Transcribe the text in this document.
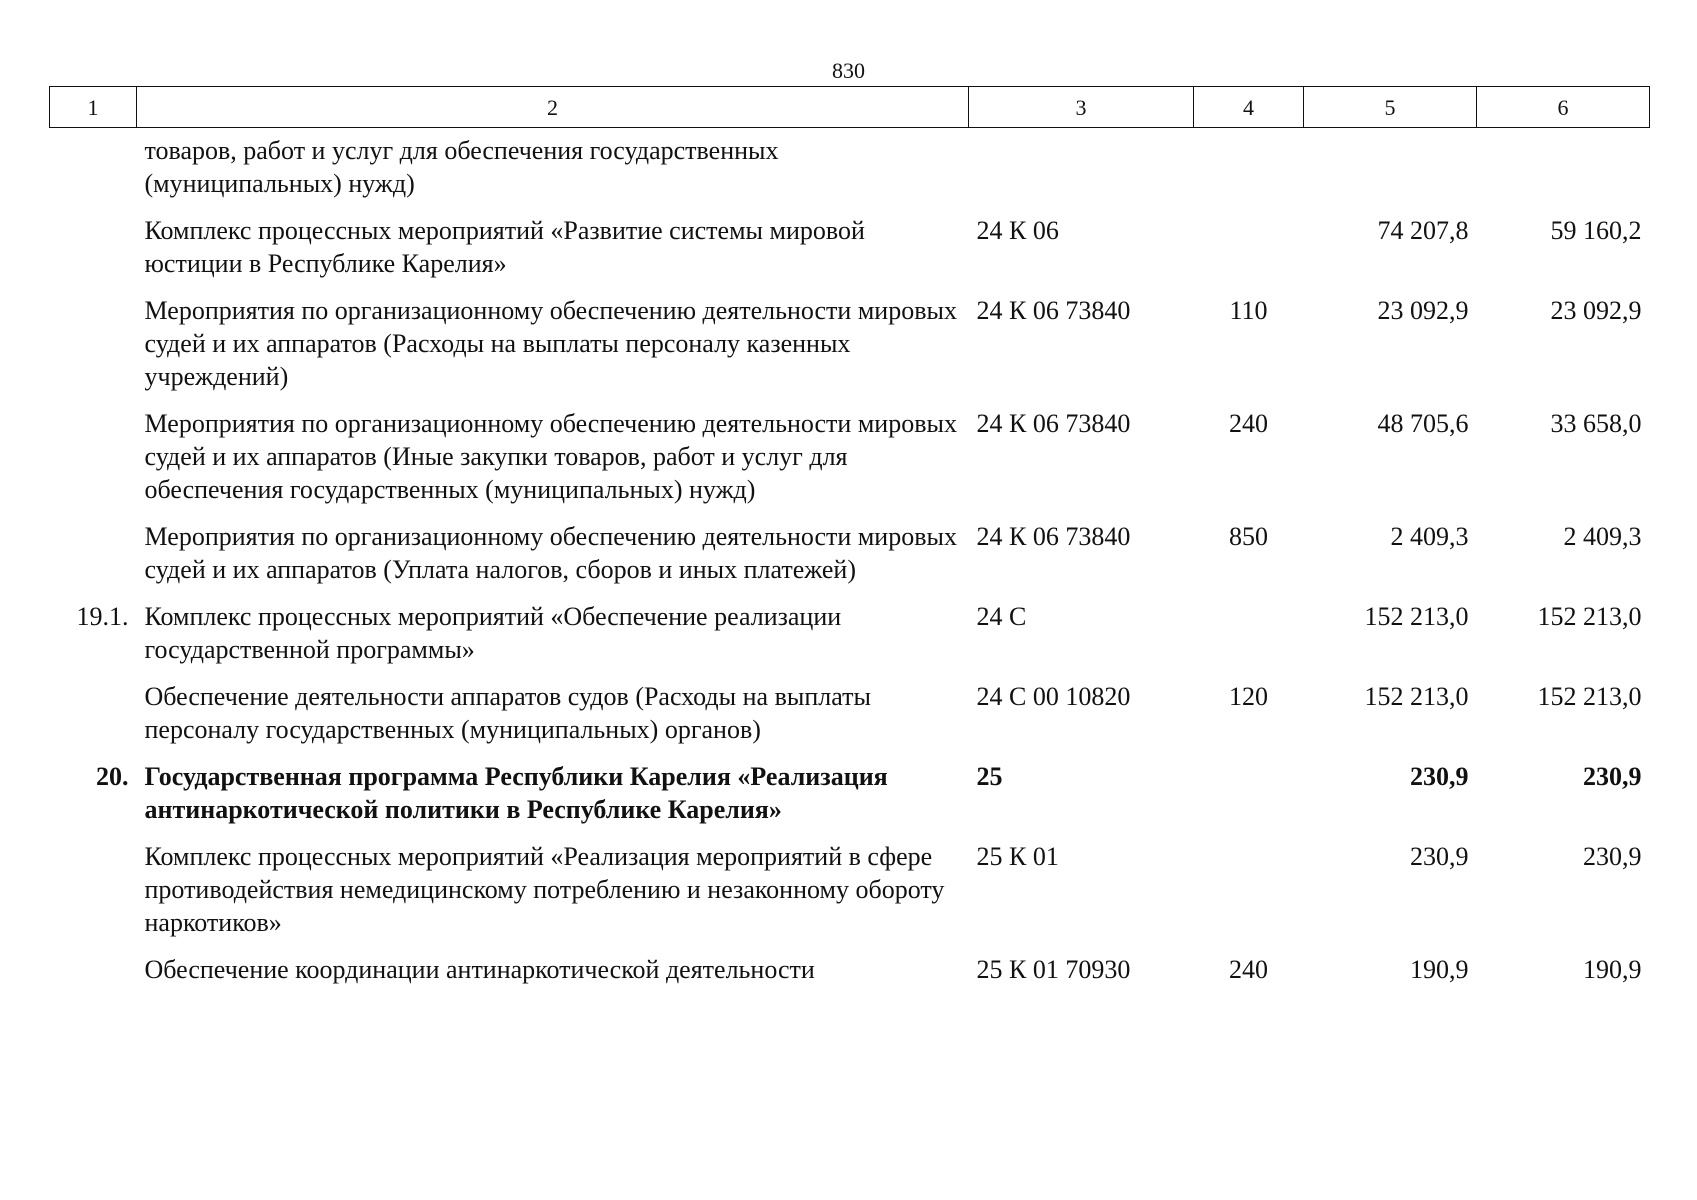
830
1	2	3	4	5	6
	товаров, работ и услуг для обеспечения государственных (муниципальных) нужд)				
	Комплекс процессных мероприятий «Развитие системы мировой юстиции в Республике Карелия»	24 К 06		74 207,8	59 160,2
	Мероприятия по организационному обеспечению деятельности мировых судей и их аппаратов (Расходы на выплаты персоналу казенных учреждений)	24 К 06 73840	110	23 092,9	23 092,9
	Мероприятия по организационному обеспечению деятельности мировых судей и их аппаратов (Иные закупки товаров, работ и услуг для обеспечения государственных (муниципальных) нужд)	24 К 06 73840	240	48 705,6	33 658,0
	Мероприятия по организационному обеспечению деятельности мировых судей и их аппаратов (Уплата налогов, сборов и иных платежей)	24 К 06 73840	850	2 409,3	2 409,3
19.1.	Комплекс процессных мероприятий «Обеспечение реализации государственной программы»	24 С		152 213,0	152 213,0
	Обеспечение деятельности аппаратов судов (Расходы на выплаты персоналу государственных (муниципальных) органов)	24 С 00 10820	120	152 213,0	152 213,0
20.	Государственная программа Республики Карелия «Реализация антинаркотической политики в Республике Карелия»	25		230,9	230,9
	Комплекс процессных мероприятий «Реализация мероприятий в сфере противодействия немедицинскому потреблению и незаконному обороту наркотиков»	25 К 01		230,9	230,9
	Обеспечение координации антинаркотической деятельности	25 К 01 70930	240	190,9	190,9
